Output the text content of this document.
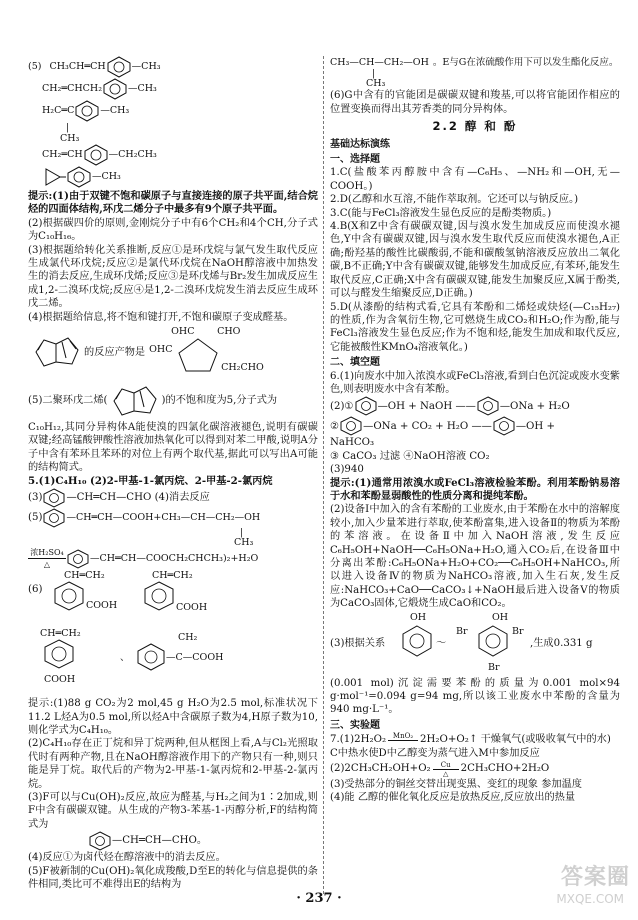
(5) CH₃CH═CH	—CH₃
CH₂═CHCH₂	—CH₃
H₂C═C	—CH₃
|
CH₃
CH₂═CH	—CH₂CH₃
—CH₃

提示:(1)由于双键不饱和碳原子与直接连接的原子共平面,结合烷烃的四面体结构,环戊二烯分子中最多有9个原子共平面。

(2)根据碳四价的原则,金刚烷分子中有6个CH₂和4个CH,分子式为C₁₀H₁₆。

(3)根据题给转化关系推断,反应①是环戊烷与氯气发生取代反应生成氯代环戊烷;反应②是氯代环戊烷在NaOH醇溶液中加热发生的消去反应,生成环戊烯;反应③是环戊烯与Br₂发生加成反应生成1,2-二溴环戊烷;反应④是1,2-二溴环戊烷发生消去反应生成环戊二烯。

(4)根据题给信息,将不饱和键打开,不饱和碳原子变成醛基。

的反应产物是
OHC CHO
OHC
CH₂CHO
(5)二聚环戊二烯(	)的不饱和度为5,分子式为

C₁₀H₁₂,其同分异构体A能使溴的四氯化碳溶液褪色,说明有碳碳双键;经高锰酸钾酸性溶液加热氧化可以得到对苯二甲酸,说明A分子中含有苯环且苯环的对位上有两个取代基,据此可以写出A可能的结构简式。

5.(1)C₄H₁₀ (2)2-甲基-1-氯丙烷、2-甲基-2-氯丙烷

(3) —CH═CH—CHO (4)消去反应
(5)	—CH═CH—COOH+CH₃—CH—CH₂—OH
|
CH₃
浓H₂SO₄
△
—CH═CH—COOCH₂CHCH₃)₂+H₂O
(6)
CH═CH₂
COOH
CH═CH₂
COOH
CH═CH₂
COOH
、
CH₂
—C—COOH

提示:(1)88 g CO₂为2 mol,45 g H₂O为2.5 mol,标准状况下11.2 L烃A为0.5 mol,所以烃A中含碳原子数为4,H原子数为10,则化学式为C₄H₁₀。

(2)C₄H₁₀存在正丁烷和异丁烷两种,但从框图上看,A与Cl₂光照取代时有两种产物,且在NaOH醇溶液作用下的产物只有一种,则只能是异丁烷。取代后的产物为2-甲基-1-氯丙烷和2-甲基-2-氯丙烷。

(3)F可以与Cu(OH)₂反应,故应为醛基,与H₂之间为1∶2加成,则F中含有碳碳双键。从生成的产物3-苯基-1-丙醇分析,F的结构简式为

—CH═CH—CHO。

(4)反应①为卤代烃在醇溶液中的消去反应。

(5)F被新制的Cu(OH)₂氧化成羧酸,D至E的转化与信息提供的条件相同,类比可不难得出E的结构为

CH₃—CH—CH₂—OH 。E与G在浓硫酸作用下可以发生酯化反应。
|
CH₃

(6)G中含有的官能团是碳碳双键和羧基,可以将官能团作相应的位置变换而得出其芳香类的同分异构体。

2.2 醇 和 酚
基础达标演练
一、选择题

1.C(盐酸苯丙醇胺中含有—C₆H₅、—NH₂和—OH,无—COOH。)

2.D(乙醇和水互溶,不能作萃取剂。它还可以与钠反应。)

3.C(能与FeCl₃溶液发生显色反应的是酚类物质。)

4.B(X和Z中含有碳碳双键,因与溴水发生加成反应而使溴水褪色,Y中含有碳碳双键,因与溴水发生取代反应而使溴水褪色,A正确;酚羟基的酸性比碳酸弱,不能和碳酸氢钠溶液反应放出二氧化碳,B不正确;Y中含有碳碳双键,能够发生加成反应,有苯环,能发生取代反应,C正确;X中含有碳碳双键,能发生加聚反应,X属于酚类,可以与醛发生缩聚反应,D正确。)

5.D(从漆酚的结构式看,它具有苯酚和二烯烃或炔烃(—C₁₅H₂₇)的性质,作为含氧衍生物,它可燃烧生成CO₂和H₂O;作为酚,能与FeCl₃溶液发生显色反应;作为不饱和烃,能发生加成和取代反应,它能被酸性KMnO₄溶液氧化。)

二、填空题

6.(1)向废水中加入浓溴水或FeCl₃溶液,看到白色沉淀或废水变紫色,则表明废水中含有苯酚。

(2)① —OH + NaOH —— —ONa + H₂O
② —ONa + CO₂ + H₂O —— —OH +

NaHCO₃

③ CaCO₃ 过滤 ④NaOH溶液 CO₂

(3)940

提示:(1)通常用浓溴水或FeCl₃溶液检验苯酚。利用苯酚钠易溶于水和苯酚显弱酸性的性质分离和提纯苯酚。

(2)设备Ⅰ中加入的含有苯酚的工业废水,由于苯酚在水中的溶解度较小,加入少量苯进行萃取,使苯酚富集,进入设备Ⅱ的物质为苯酚的苯溶液。在设备Ⅱ中加入NaOH溶液,发生反应C₆H₅OH+NaOH──C₆H₅ONa+H₂O,通入CO₂后,在设备Ⅲ中分离出苯酚:C₆H₅ONa+H₂O+CO₂──C₆H₅OH+NaHCO₃,所以进入设备Ⅳ的物质为NaHCO₃溶液,加入生石灰,发生反应:NaHCO₃+CaO──CaCO₃↓+NaOH最后进入设备Ⅴ的物质为CaCO₃固体,它煅烧生成CaO和CO₂。

(3)根据关系
OH
～
OH
Br	Br
Br
,生成0.331 g

(0.001 mol)沉淀需要苯酚的质量为0.001 mol×94 g·mol⁻¹=0.094 g=94 mg,所以该工业废水中苯酚的含量为940 mg·L⁻¹。

三、实验题
7.(1)2H₂O₂ MnO₂ 2H₂O+O₂↑ 干燥氧气(或吸收氧气中的水)

C中热水使D中乙醇变为蒸气进入M中参加反应

(2)2CH₃CH₂OH+O₂	Cu
△	2CH₃CHO+2H₂O

(3)受热部分的铜丝交替出现变黑、变红的现象 参加温度

(4)能 乙醇的催化氧化反应是放热反应,反应放出的热量

· 237 ·
答案圈
MXQE.COM
